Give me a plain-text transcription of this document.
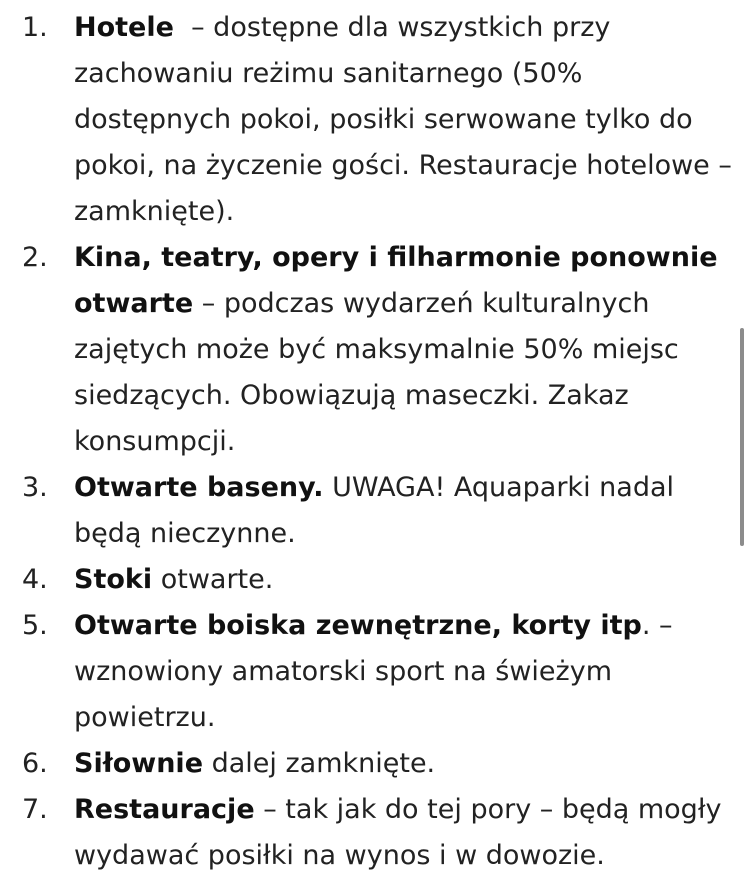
1. Hotele  – dostępne dla wszystkich przy zachowaniu reżimu sanitarnego (50% dostępnych pokoi, posiłki serwowane tylko do pokoi, na życzenie gości. Restauracje hotelowe – zamknięte).
2. Kina, teatry, opery i filharmonie ponownie otwarte – podczas wydarzeń kulturalnych zajętych może być maksymalnie 50% miejsc siedzących. Obowiązują maseczki. Zakaz konsumpcji.
3. Otwarte baseny. UWAGA! Aquaparki nadal będą nieczynne.
4. Stoki otwarte.
5. Otwarte boiska zewnętrzne, korty itp. – wznowiony amatorski sport na świeżym powietrzu.
6. Siłownie dalej zamknięte.
7. Restauracje – tak jak do tej pory – będą mogły wydawać posiłki na wynos i w dowozie.
